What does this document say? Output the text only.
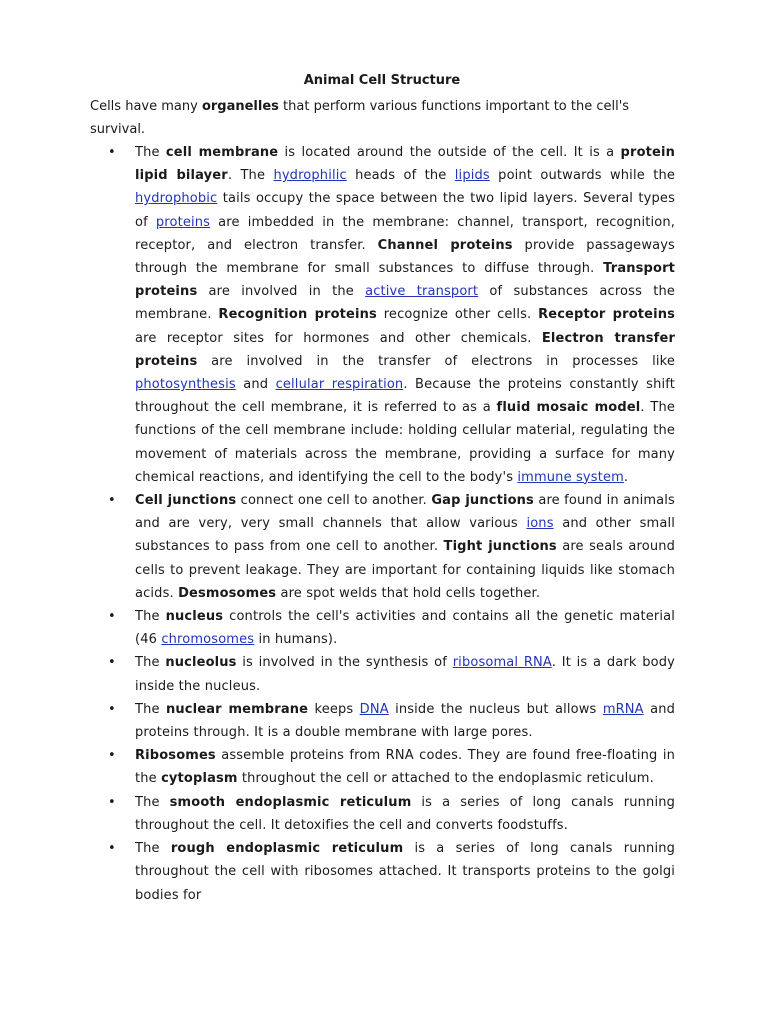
Animal Cell Structure

Cells have many organelles that perform various functions important to the cell's survival.

• The cell membrane is located around the outside of the cell. It is a protein lipid bilayer. The hydrophilic heads of the lipids point outwards while the hydrophobic tails occupy the space between the two lipid layers. Several types of proteins are imbedded in the membrane: channel, transport, recognition, receptor, and electron transfer. Channel proteins provide passageways through the membrane for small substances to diffuse through. Transport proteins are involved in the active transport of substances across the membrane. Recognition proteins recognize other cells. Receptor proteins are receptor sites for hormones and other chemicals. Electron transfer proteins are involved in the transfer of electrons in processes like photosynthesis and cellular respiration. Because the proteins constantly shift throughout the cell membrane, it is referred to as a fluid mosaic model. The functions of the cell membrane include: holding cellular material, regulating the movement of materials across the membrane, providing a surface for many chemical reactions, and identifying the cell to the body's immune system.
• Cell junctions connect one cell to another. Gap junctions are found in animals and are very, very small channels that allow various ions and other small substances to pass from one cell to another. Tight junctions are seals around cells to prevent leakage. They are important for containing liquids like stomach acids. Desmosomes are spot welds that hold cells together.
• The nucleus controls the cell's activities and contains all the genetic material (46 chromosomes in humans).
• The nucleolus is involved in the synthesis of ribosomal RNA. It is a dark body inside the nucleus.
• The nuclear membrane keeps DNA inside the nucleus but allows mRNA and proteins through. It is a double membrane with large pores.
• Ribosomes assemble proteins from RNA codes. They are found free-floating in the cytoplasm throughout the cell or attached to the endoplasmic reticulum.
• The smooth endoplasmic reticulum is a series of long canals running throughout the cell. It detoxifies the cell and converts foodstuffs.
• The rough endoplasmic reticulum is a series of long canals running throughout the cell with ribosomes attached. It transports proteins to the golgi bodies for
